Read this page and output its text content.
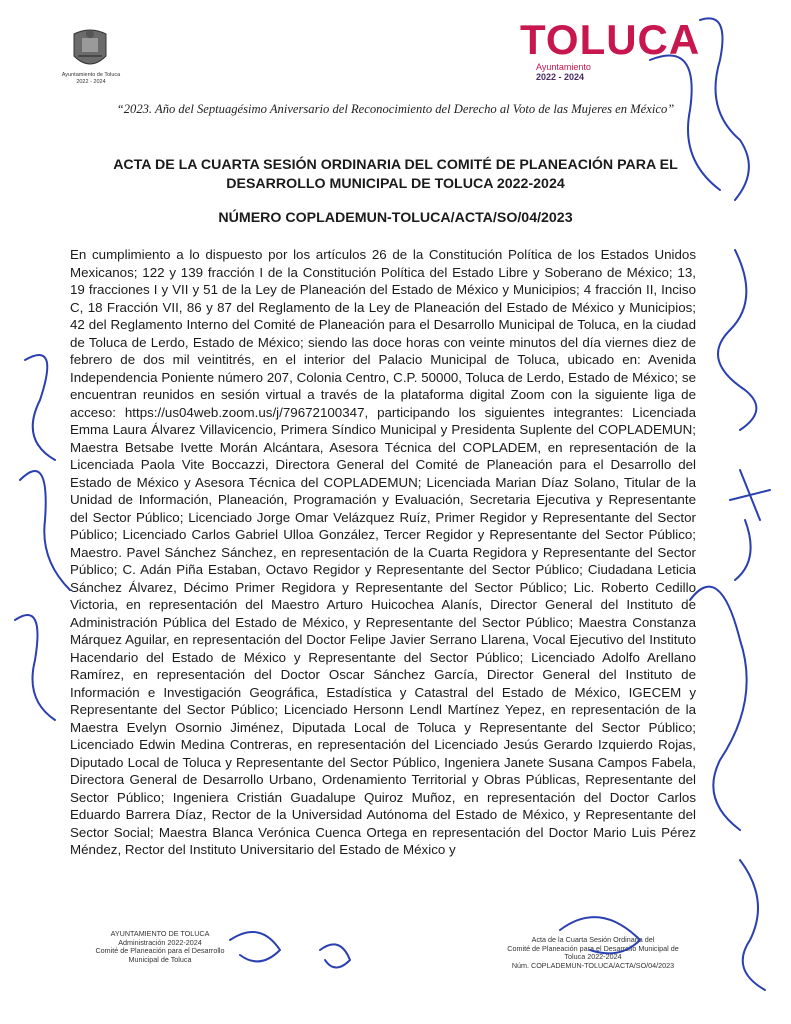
Ayuntamiento de Toluca
2022 - 2024
TOLUCA
Ayuntamiento
2022 - 2024
“2023. Año del Septuagésimo Aniversario del Reconocimiento del Derecho al Voto de las Mujeres en México”
ACTA DE LA CUARTA SESIÓN ORDINARIA DEL COMITÉ DE PLANEACIÓN PARA EL DESARROLLO MUNICIPAL DE TOLUCA 2022-2024
NÚMERO COPLADEMUN-TOLUCA/ACTA/SO/04/2023
En cumplimiento a lo dispuesto por los artículos 26 de la Constitución Política de los Estados Unidos Mexicanos; 122 y 139 fracción I de la Constitución Política del Estado Libre y Soberano de México; 13, 19 fracciones I y VII y 51 de la Ley de Planeación del Estado de México y Municipios; 4 fracción II, Inciso C, 18 Fracción VII, 86 y 87 del Reglamento de la Ley de Planeación del Estado de México y Municipios; 42 del Reglamento Interno del Comité de Planeación para el Desarrollo Municipal de Toluca, en la ciudad de Toluca de Lerdo, Estado de México; siendo las doce horas con veinte minutos del día viernes diez de febrero de dos mil veintitrés, en el interior del Palacio Municipal de Toluca, ubicado en: Avenida Independencia Poniente número 207, Colonia Centro, C.P. 50000, Toluca de Lerdo, Estado de México; se encuentran reunidos en sesión virtual a través de la plataforma digital Zoom con la siguiente liga de acceso: https://us04web.zoom.us/j/79672100347, participando los siguientes integrantes: Licenciada Emma Laura Álvarez Villavicencio, Primera Síndico Municipal y Presidenta Suplente del COPLADEMUN; Maestra Betsabe Ivette Morán Alcántara, Asesora Técnica del COPLADEM, en representación de la Licenciada Paola Vite Boccazzi, Directora General del Comité de Planeación para el Desarrollo del Estado de México y Asesora Técnica del COPLADEMUN; Licenciada Marian Díaz Solano, Titular de la Unidad de Información, Planeación, Programación y Evaluación, Secretaria Ejecutiva y Representante del Sector Público; Licenciado Jorge Omar Velázquez Ruíz, Primer Regidor y Representante del Sector Público; Licenciado Carlos Gabriel Ulloa González, Tercer Regidor y Representante del Sector Público; Maestro. Pavel Sánchez Sánchez, en representación de la Cuarta Regidora y Representante del Sector Público; C. Adán Piña Estaban, Octavo Regidor y Representante del Sector Público; Ciudadana Leticia Sánchez Álvarez, Décimo Primer Regidora y Representante del Sector Público; Lic. Roberto Cedillo Victoria, en representación del Maestro Arturo Huicochea Alanís, Director General del Instituto de Administración Pública del Estado de México, y Representante del Sector Público; Maestra Constanza Márquez Aguilar, en representación del Doctor Felipe Javier Serrano Llarena, Vocal Ejecutivo del Instituto Hacendario del Estado de México y Representante del Sector Público; Licenciado Adolfo Arellano Ramírez, en representación del Doctor Oscar Sánchez García, Director General del Instituto de Información e Investigación Geográfica, Estadística y Catastral del Estado de México, IGECEM y Representante del Sector Público; Licenciado Hersonn Lendl Martínez Yepez, en representación de la Maestra Evelyn Osornio Jiménez, Diputada Local de Toluca y Representante del Sector Público; Licenciado Edwin Medina Contreras, en representación del Licenciado Jesús Gerardo Izquierdo Rojas, Diputado Local de Toluca y Representante del Sector Público, Ingeniera Janete Susana Campos Fabela, Directora General de Desarrollo Urbano, Ordenamiento Territorial y Obras Públicas, Representante del Sector Público; Ingeniera Cristián Guadalupe Quiroz Muñoz, en representación del Doctor Carlos Eduardo Barrera Díaz, Rector de la Universidad Autónoma del Estado de México, y Representante del Sector Social; Maestra Blanca Verónica Cuenca Ortega en representación del Doctor Mario Luis Pérez Méndez, Rector del Instituto Universitario del Estado de México y
AYUNTAMIENTO DE TOLUCA
Administración 2022-2024
Comité de Planeación para el Desarrollo
Municipal de Toluca
Acta de la Cuarta Sesión Ordinaria del
Comité de Planeación para el Desarrollo Municipal de
Toluca 2022-2024
Núm. COPLADEMUN-TOLUCA/ACTA/SO/04/2023
